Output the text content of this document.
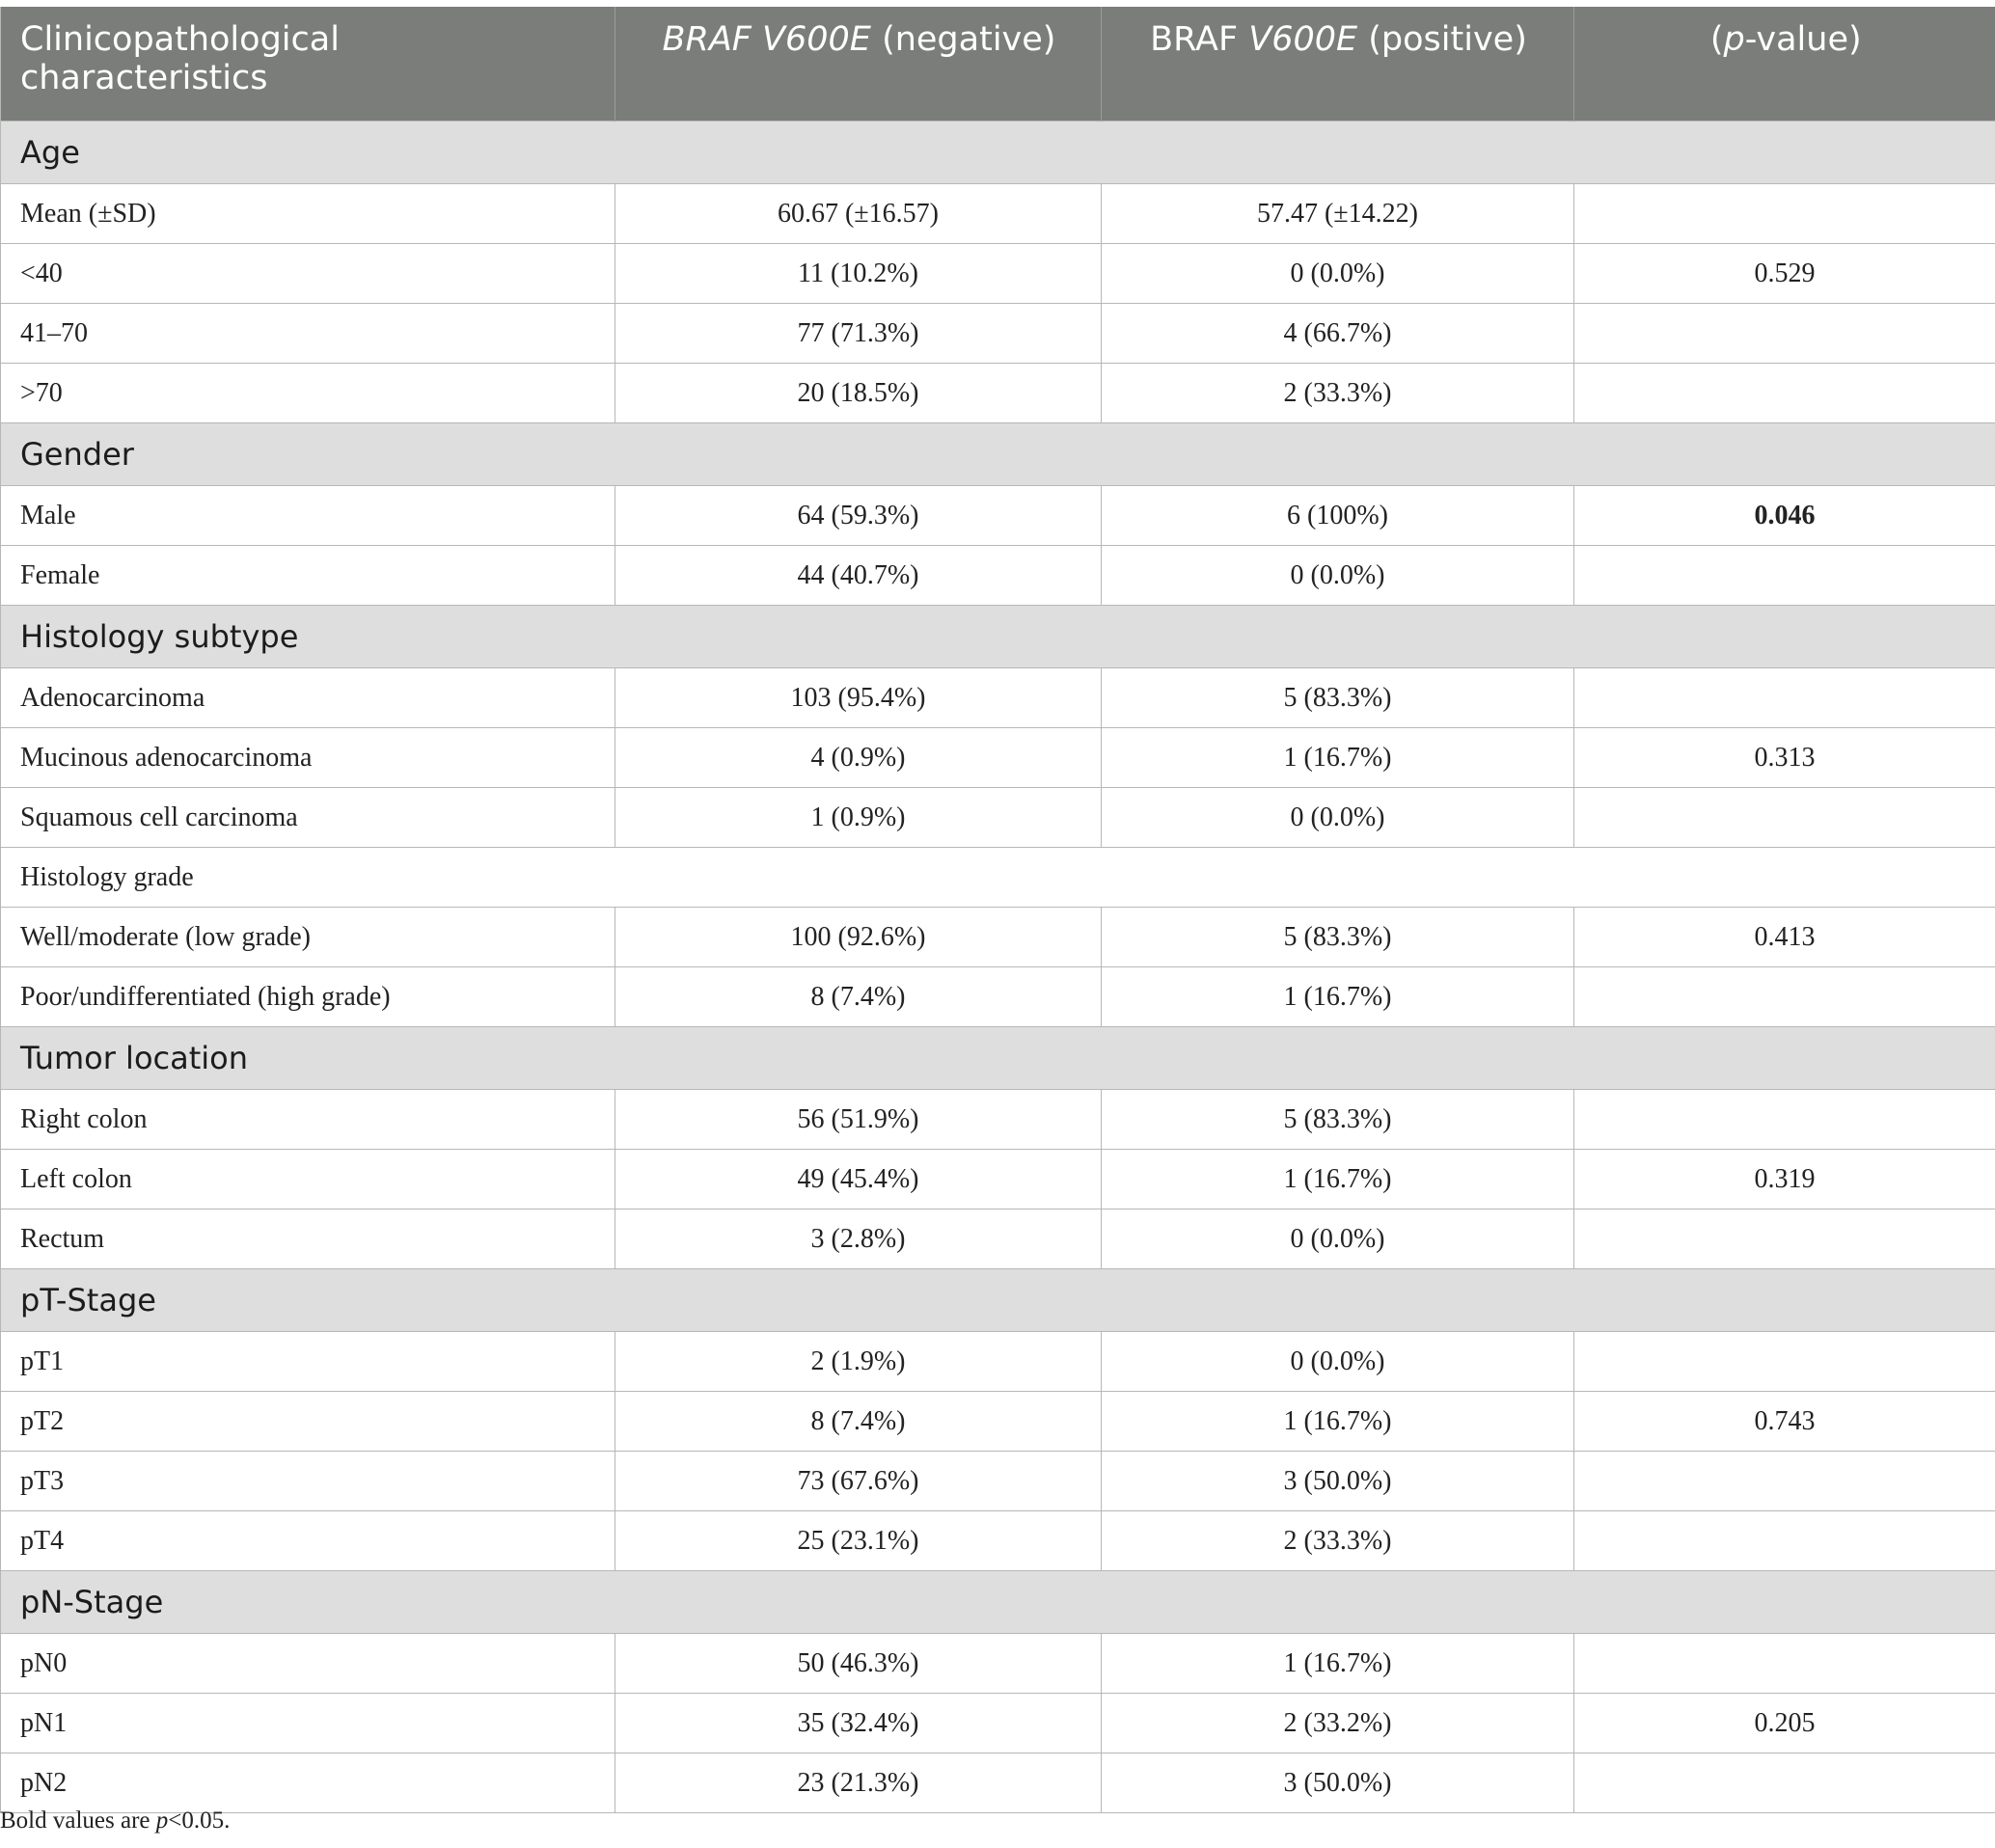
Clinicopathological characteristics	BRAF V600E (negative)	BRAF V600E (positive)	(p-value)
Age			
Mean (±SD)	60.67 (±16.57)	57.47 (±14.22)	
<40	11 (10.2%)	0 (0.0%)	0.529
41–70	77 (71.3%)	4 (66.7%)	
>70	20 (18.5%)	2 (33.3%)	
Gender			
Male	64 (59.3%)	6 (100%)	0.046
Female	44 (40.7%)	0 (0.0%)	
Histology subtype			
Adenocarcinoma	103 (95.4%)	5 (83.3%)	
Mucinous adenocarcinoma	4 (0.9%)	1 (16.7%)	0.313
Squamous cell carcinoma	1 (0.9%)	0 (0.0%)	
Histology grade			
Well/moderate (low grade)	100 (92.6%)	5 (83.3%)	0.413
Poor/undifferentiated (high grade)	8 (7.4%)	1 (16.7%)	
Tumor location			
Right colon	56 (51.9%)	5 (83.3%)	
Left colon	49 (45.4%)	1 (16.7%)	0.319
Rectum	3 (2.8%)	0 (0.0%)	
pT-Stage			
pT1	2 (1.9%)	0 (0.0%)	
pT2	8 (7.4%)	1 (16.7%)	0.743
pT3	73 (67.6%)	3 (50.0%)	
pT4	25 (23.1%)	2 (33.3%)	
pN-Stage			
pN0	50 (46.3%)	1 (16.7%)	
pN1	35 (32.4%)	2 (33.2%)	0.205
pN2	23 (21.3%)	3 (50.0%)	
Bold values are p<0.05.
